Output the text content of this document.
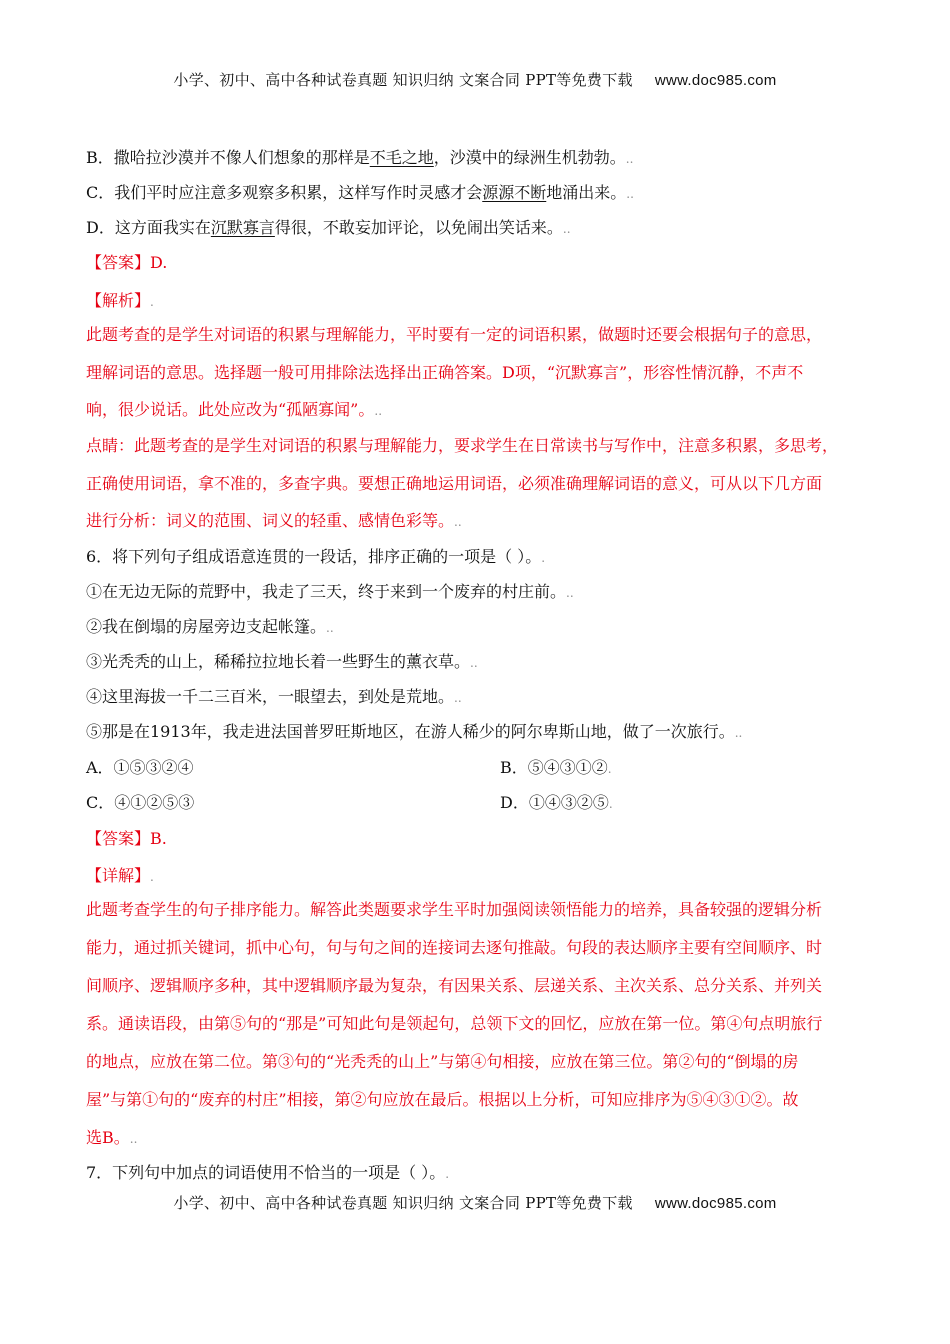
小学、初中、高中各种试卷真题 知识归纳 文案合同 PPT等免费下载 www.doc985.com
B．撒哈拉沙漠并不像人们想象的那样是不毛之地，沙漠中的绿洲生机勃勃。..
C．我们平时应注意多观察多积累，这样写作时灵感才会源源不断地涌出来。..
D．这方面我实在沉默寡言得很，不敢妄加评论，以免闹出笑话来。..
【答案】D.
【解析】.
此题考查的是学生对词语的积累与理解能力，平时要有一定的词语积累，做题时还要会根据句子的意思，
理解词语的意思。选择题一般可用排除法选择出正确答案。D项，“沉默寡言”，形容性情沉静，不声不
响，很少说话。此处应改为“孤陋寡闻”。..
点睛：此题考查的是学生对词语的积累与理解能力，要求学生在日常读书与写作中，注意多积累，多思考，
正确使用词语，拿不准的，多查字典。要想正确地运用词语，必须准确理解词语的意义，可从以下几方面
进行分析：词义的范围、词义的轻重、感情色彩等。..
6．将下列句子组成语意连贯的一段话，排序正确的一项是（ ）。.
①在无边无际的荒野中，我走了三天，终于来到一个废弃的村庄前。..
②我在倒塌的房屋旁边支起帐篷。..
③光秃秃的山上，稀稀拉拉地长着一些野生的薰衣草。..
④这里海拔一千二三百米，一眼望去，到处是荒地。..
⑤那是在1913年，我走进法国普罗旺斯地区，在游人稀少的阿尔卑斯山地，做了一次旅行。..
A．①⑤③②④	B．⑤④③①②.
C．④①②⑤③	D．①④③②⑤.
【答案】B.
【详解】.
此题考查学生的句子排序能力。解答此类题要求学生平时加强阅读领悟能力的培养，具备较强的逻辑分析
能力，通过抓关键词，抓中心句，句与句之间的连接词去逐句推敲。句段的表达顺序主要有空间顺序、时
间顺序、逻辑顺序多种，其中逻辑顺序最为复杂，有因果关系、层递关系、主次关系、总分关系、并列关
系。通读语段，由第⑤句的“那是”可知此句是领起句，总领下文的回忆，应放在第一位。第④句点明旅行
的地点，应放在第二位。第③句的“光秃秃的山上”与第④句相接，应放在第三位。第②句的“倒塌的房
屋”与第①句的“废弃的村庄”相接，第②句应放在最后。根据以上分析，可知应排序为⑤④③①②。故
选B。..
7．下列句中加点的词语使用不恰当的一项是（ ）。.
小学、初中、高中各种试卷真题 知识归纳 文案合同 PPT等免费下载 www.doc985.com
